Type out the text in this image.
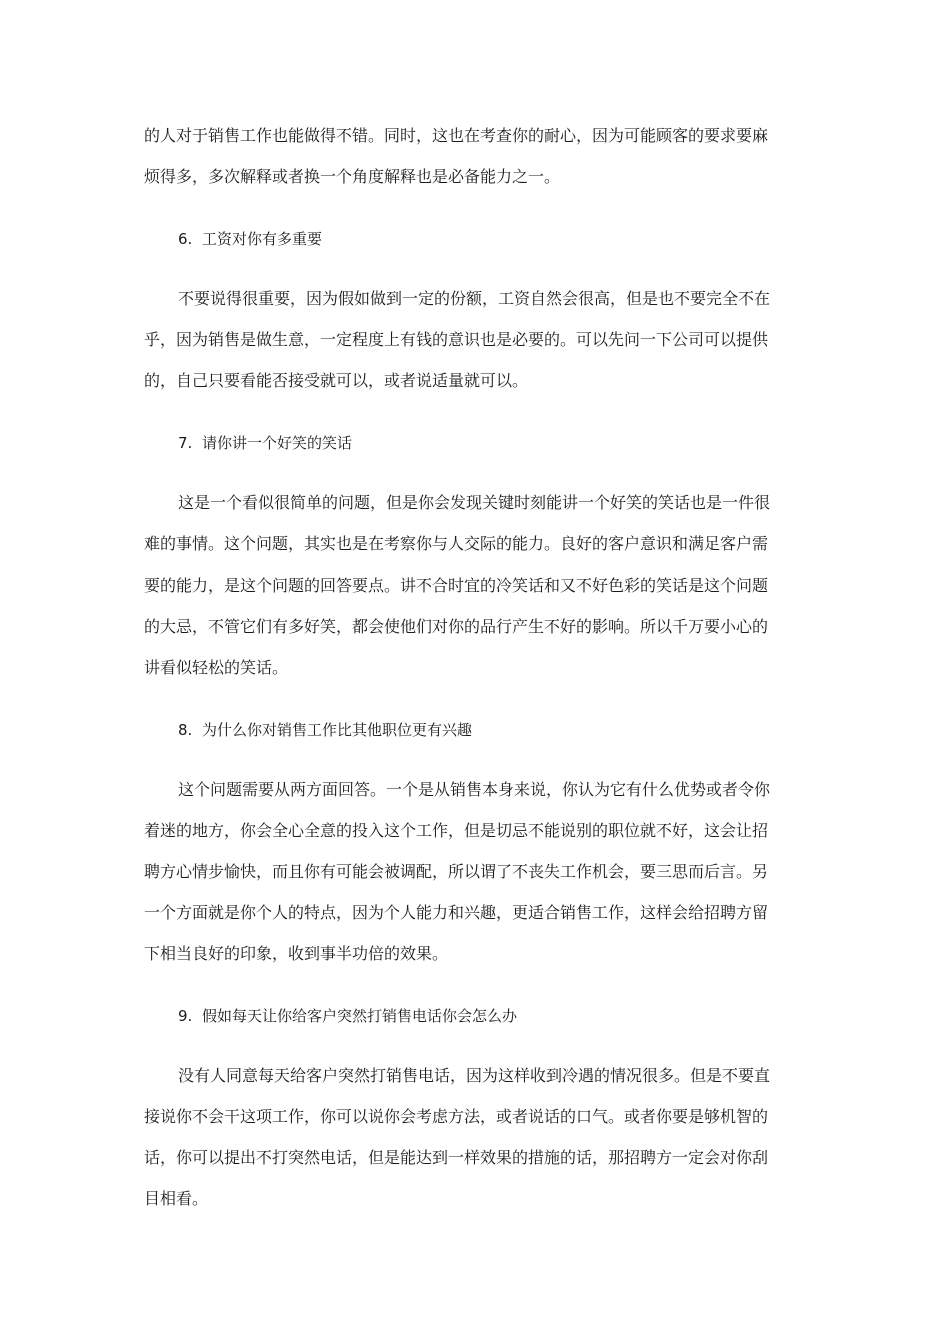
的人对于销售工作也能做得不错。同时，这也在考查你的耐心，因为可能顾客的要求要麻
烦得多，多次解释或者换一个角度解释也是必备能力之一。
6. 工资对你有多重要
不要说得很重要，因为假如做到一定的份额，工资自然会很高，但是也不要完全不在
乎，因为销售是做生意，一定程度上有钱的意识也是必要的。可以先问一下公司可以提供
的，自己只要看能否接受就可以，或者说适量就可以。
7. 请你讲一个好笑的笑话
这是一个看似很简单的问题，但是你会发现关键时刻能讲一个好笑的笑话也是一件很
难的事情。这个问题，其实也是在考察你与人交际的能力。良好的客户意识和满足客户需
要的能力，是这个问题的回答要点。讲不合时宜的冷笑话和又不好色彩的笑话是这个问题
的大忌，不管它们有多好笑，都会使他们对你的品行产生不好的影响。所以千万要小心的
讲看似轻松的笑话。
8. 为什么你对销售工作比其他职位更有兴趣
这个问题需要从两方面回答。一个是从销售本身来说，你认为它有什么优势或者令你
着迷的地方，你会全心全意的投入这个工作，但是切忌不能说别的职位就不好，这会让招
聘方心情步愉快，而且你有可能会被调配，所以谓了不丧失工作机会，要三思而后言。另
一个方面就是你个人的特点，因为个人能力和兴趣，更适合销售工作，这样会给招聘方留
下相当良好的印象，收到事半功倍的效果。
9. 假如每天让你给客户突然打销售电话你会怎么办
没有人同意每天给客户突然打销售电话，因为这样收到冷遇的情况很多。但是不要直
接说你不会干这项工作，你可以说你会考虑方法，或者说话的口气。或者你要是够机智的
话，你可以提出不打突然电话，但是能达到一样效果的措施的话，那招聘方一定会对你刮
目相看。
